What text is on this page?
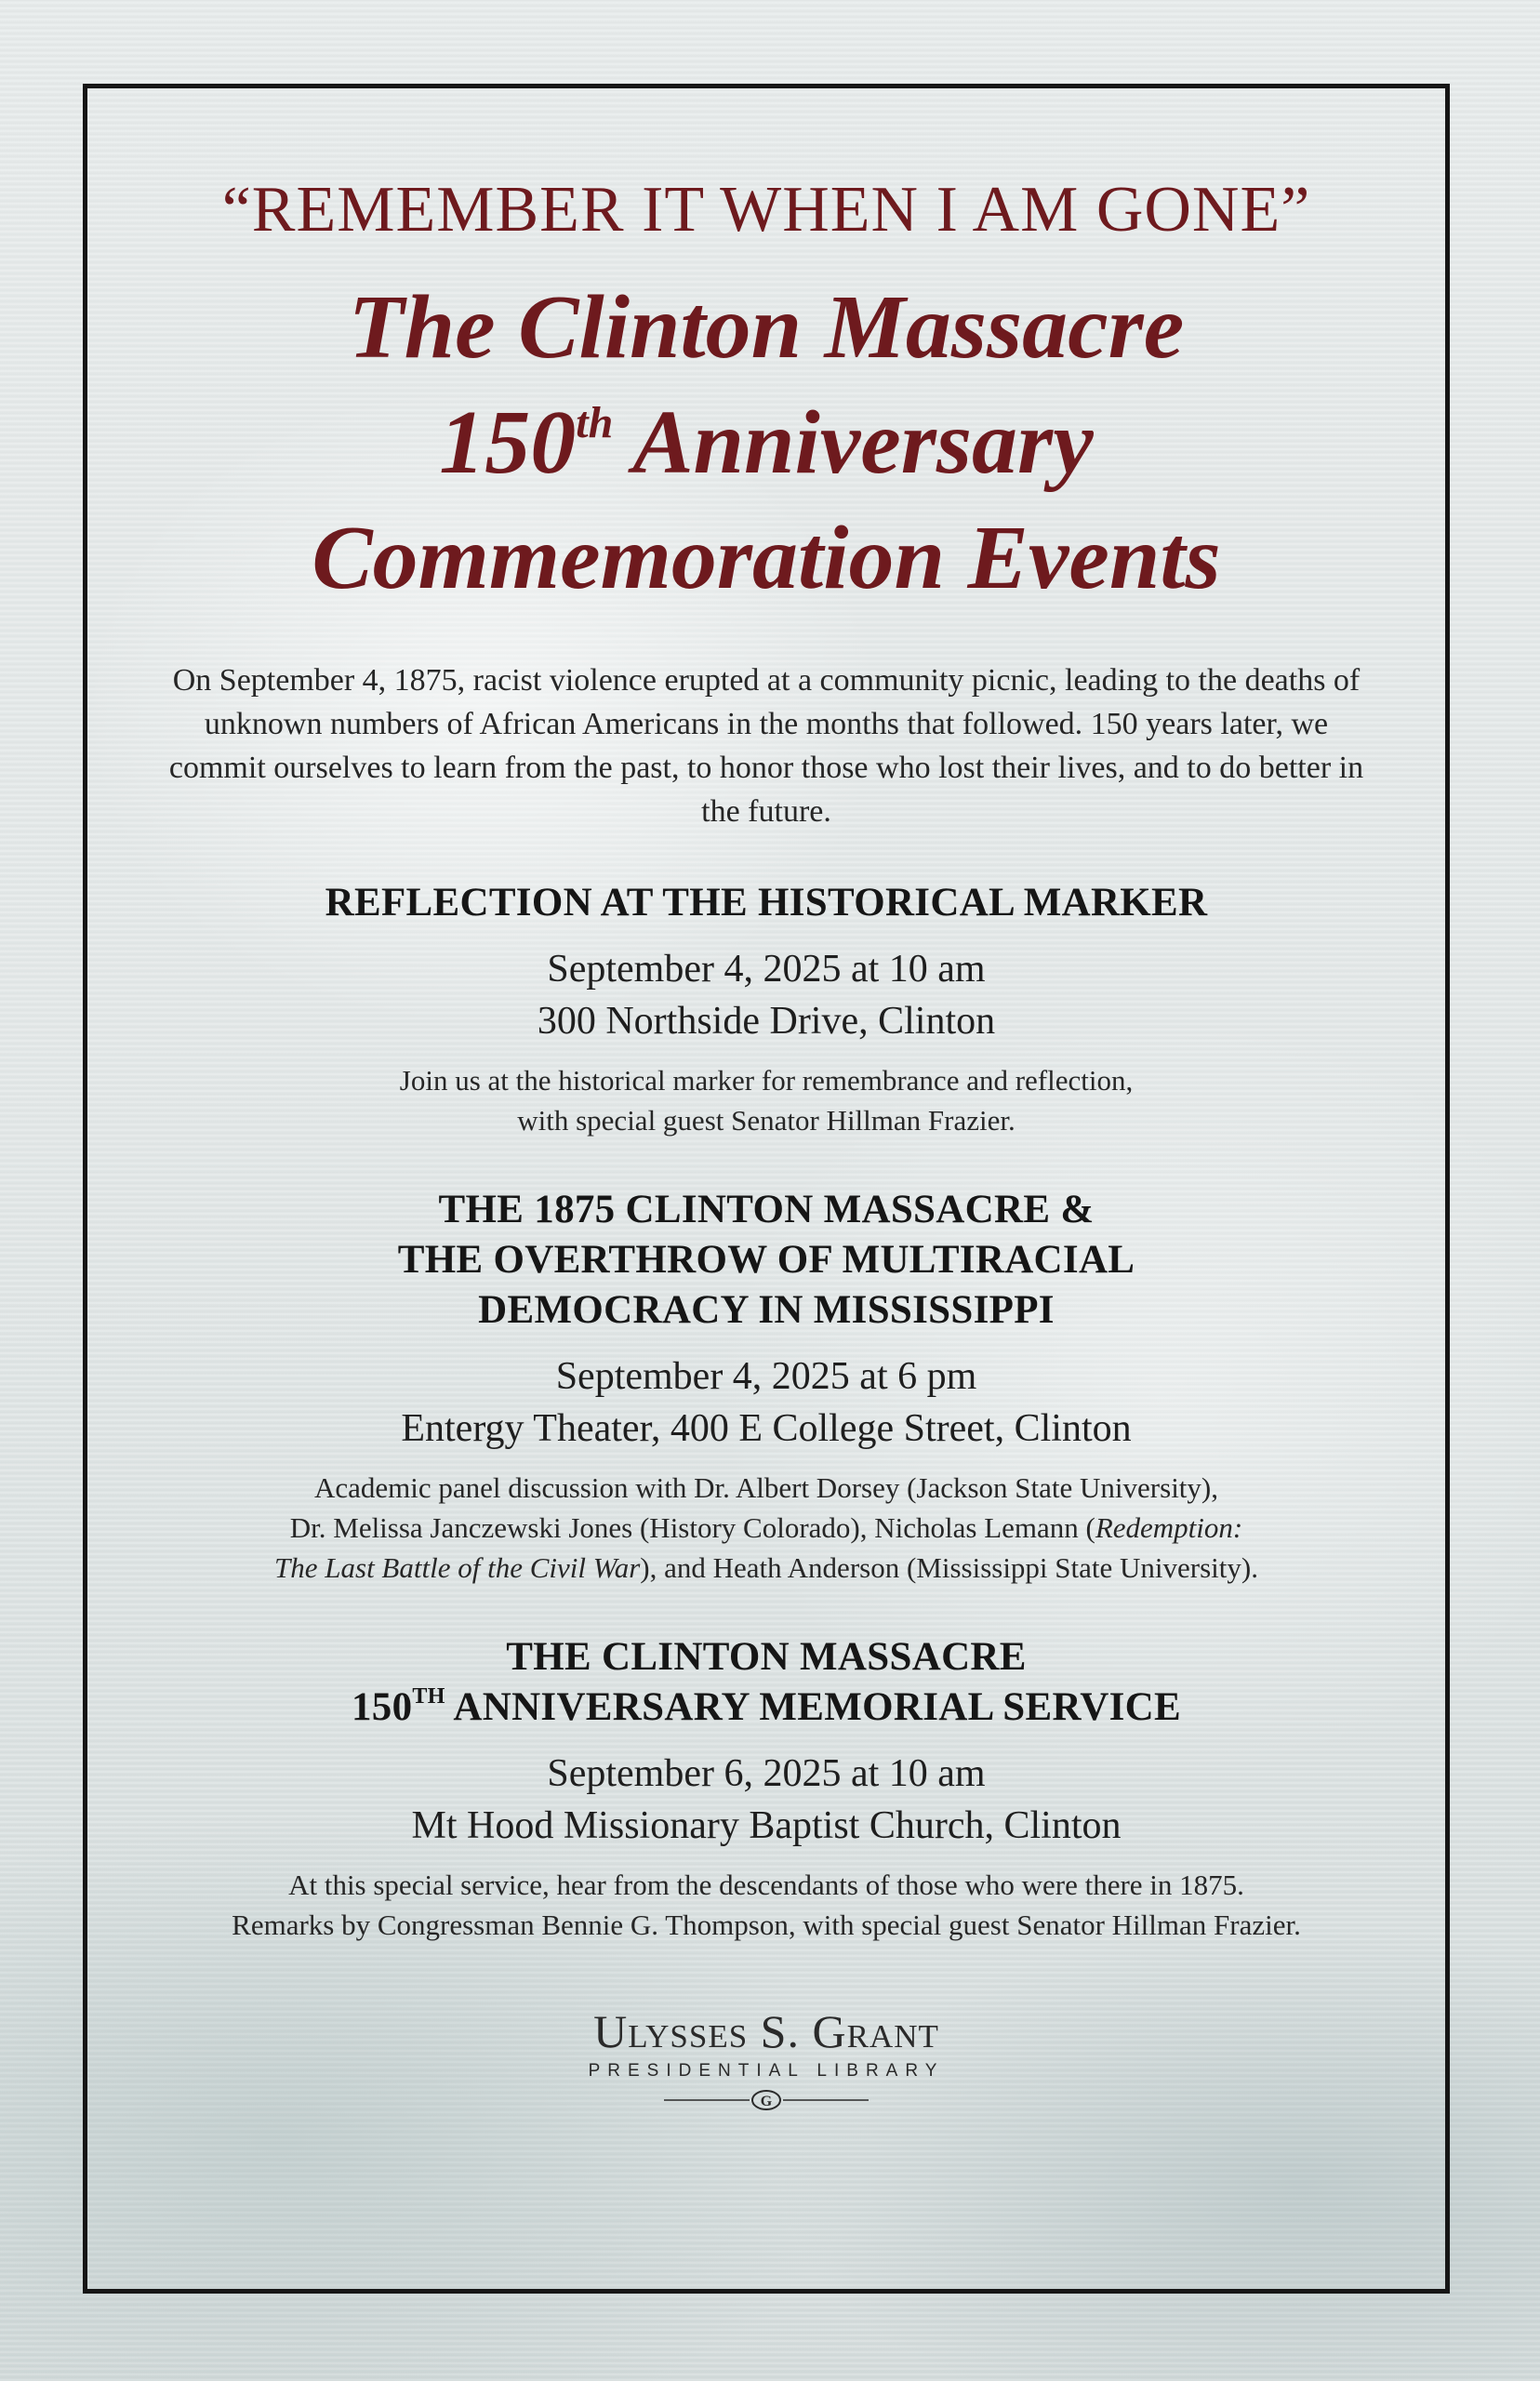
“REMEMBER IT WHEN I AM GONE”
The Clinton Massacre
150th Anniversary
Commemoration Events
On September 4, 1875, racist violence erupted at a community picnic, leading to the deaths of unknown numbers of African Americans in the months that followed. 150 years later, we commit ourselves to learn from the past, to honor those who lost their lives, and to do better in the future.
REFLECTION AT THE HISTORICAL MARKER
September 4, 2025 at 10 am
300 Northside Drive, Clinton
Join us at the historical marker for remembrance and reflection,
with special guest Senator Hillman Frazier.
THE 1875 CLINTON MASSACRE &
THE OVERTHROW OF MULTIRACIAL
DEMOCRACY IN MISSISSIPPI
September 4, 2025 at 6 pm
Entergy Theater, 400 E College Street, Clinton
Academic panel discussion with Dr. Albert Dorsey (Jackson State University),
Dr. Melissa Janczewski Jones (History Colorado), Nicholas Lemann (Redemption:
The Last Battle of the Civil War), and Heath Anderson (Mississippi State University).
THE CLINTON MASSACRE
150TH ANNIVERSARY MEMORIAL SERVICE
September 6, 2025 at 10 am
Mt Hood Missionary Baptist Church, Clinton
At this special service, hear from the descendants of those who were there in 1875.
Remarks by Congressman Bennie G. Thompson, with special guest Senator Hillman Frazier.
Ulysses S. Grant
PRESIDENTIAL LIBRARY
G
